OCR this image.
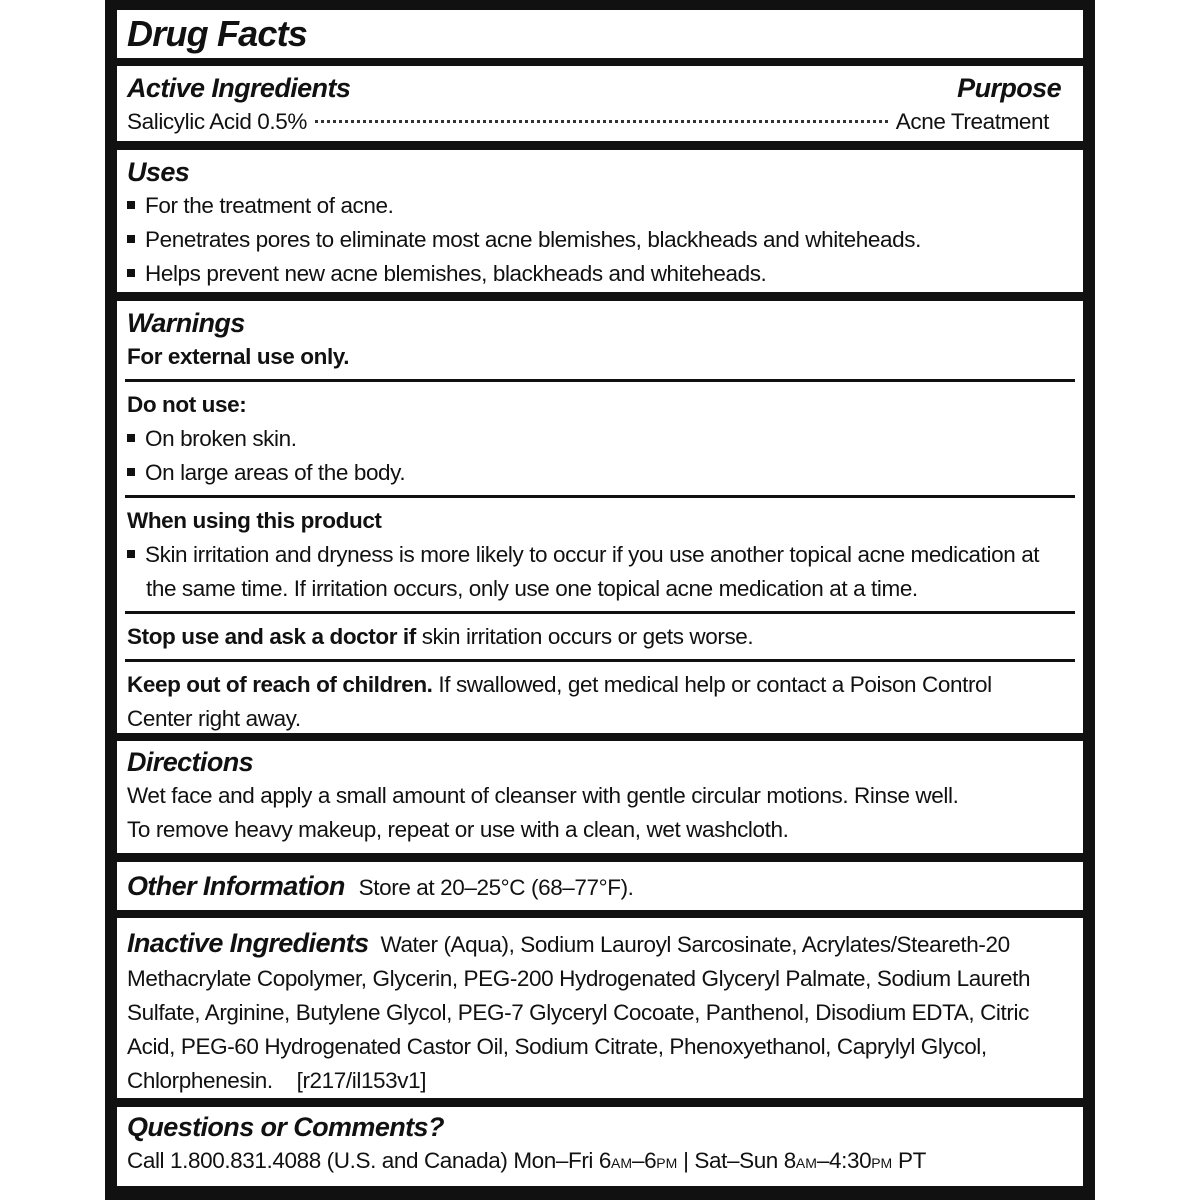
Drug Facts
Active Ingredients	Purpose
Salicylic Acid 0.5%	Acne Treatment
Uses
For the treatment of acne.
Penetrates pores to eliminate most acne blemishes, blackheads and whiteheads.
Helps prevent new acne blemishes, blackheads and whiteheads.
Warnings
For external use only.
Do not use:
On broken skin.
On large areas of the body.
When using this product
Skin irritation and dryness is more likely to occur if you use another topical acne medication at the same time. If irritation occurs, only use one topical acne medication at a time.
Stop use and ask a doctor if skin irritation occurs or gets worse.
Keep out of reach of children. If swallowed, get medical help or contact a Poison Control Center right away.
Directions
Wet face and apply a small amount of cleanser with gentle circular motions. Rinse well.
To remove heavy makeup, repeat or use with a clean, wet washcloth.
Other Information Store at 20–25°C (68–77°F).
Inactive Ingredients Water (Aqua), Sodium Lauroyl Sarcosinate, Acrylates/Steareth-20 Methacrylate Copolymer, Glycerin, PEG-200 Hydrogenated Glyceryl Palmate, Sodium Laureth Sulfate, Arginine, Butylene Glycol, PEG-7 Glyceryl Cocoate, Panthenol, Disodium EDTA, Citric Acid, PEG-60 Hydrogenated Castor Oil, Sodium Citrate, Phenoxyethanol, Caprylyl Glycol, Chlorphenesin. [r217/il153v1]
Questions or Comments?
Call 1.800.831.4088 (U.S. and Canada) Mon–Fri 6AM–6PM | Sat–Sun 8AM–4:30PM PT
